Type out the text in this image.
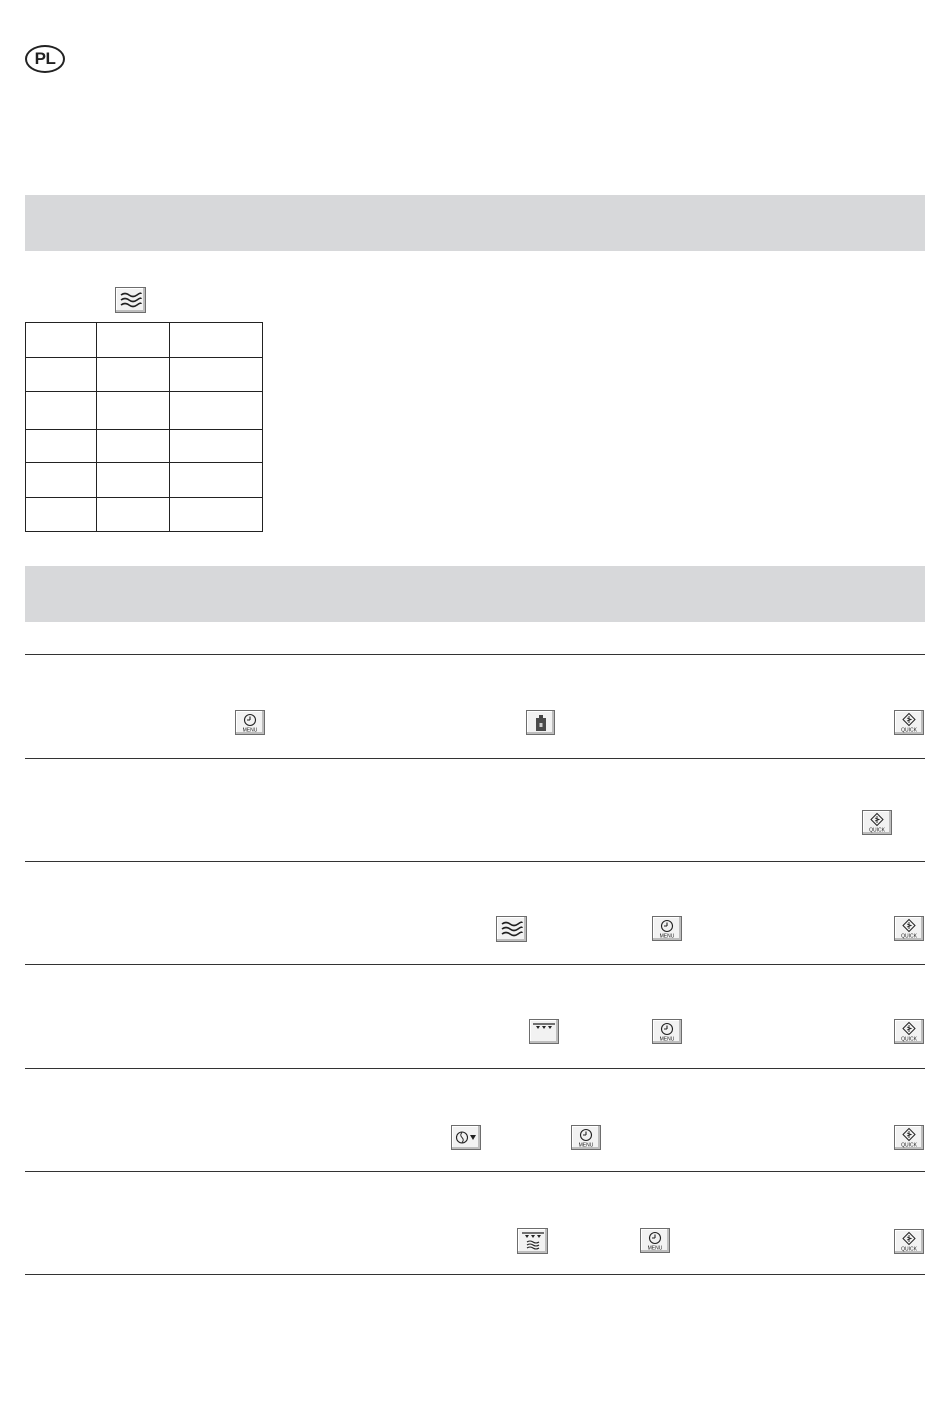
PL

MENU	QUICK
QUICK
MENU	QUICK
MENU	QUICK
MENU	QUICK
MENU	QUICK
